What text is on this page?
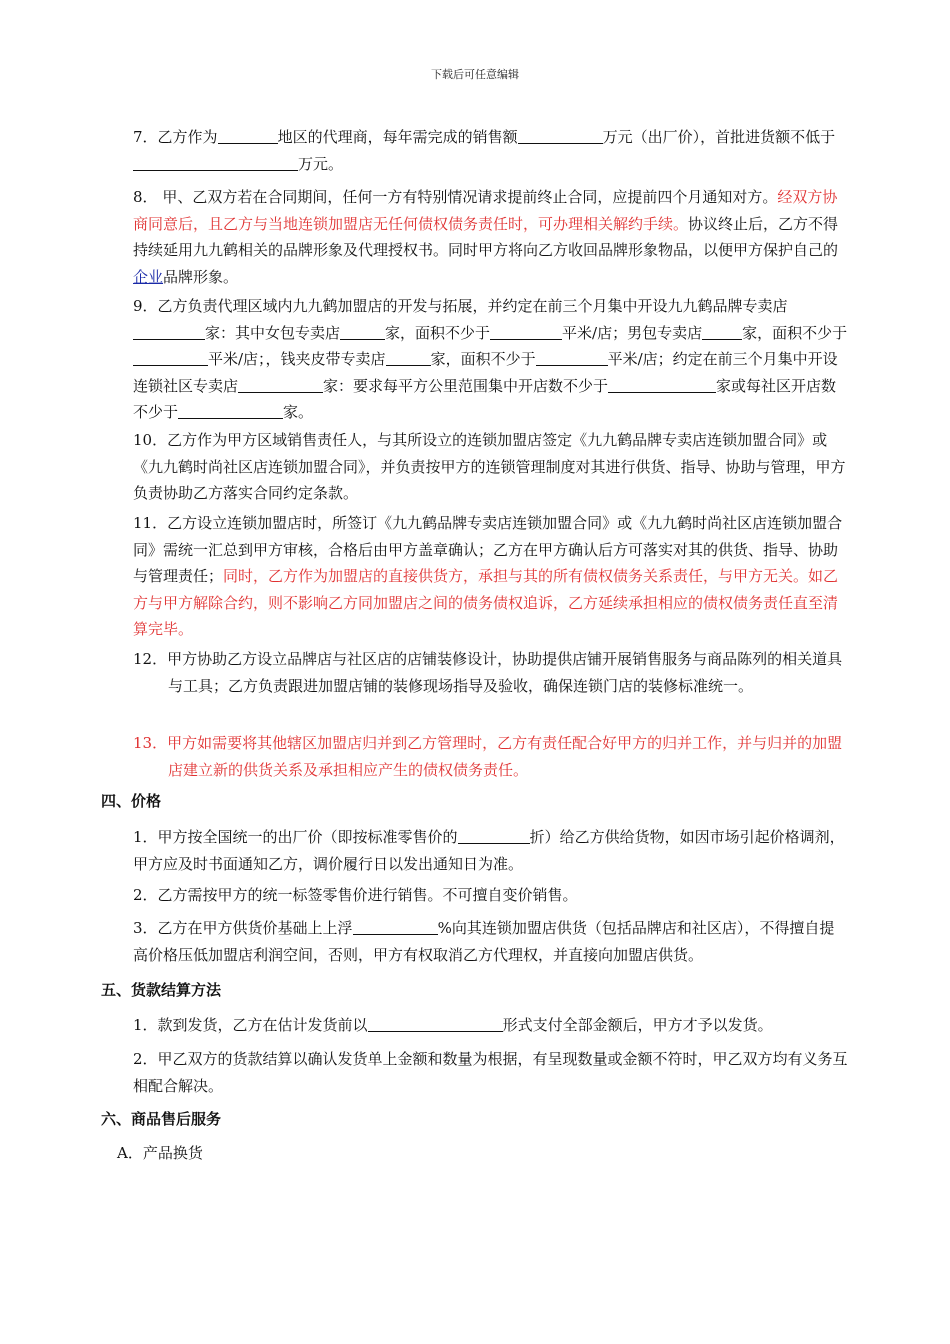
下载后可任意编辑
7．乙方作为	地区的代理商，每年需完成的销售额	万元（出厂价），首批进货额不低于万元。
8． 甲、乙双方若在合同期间，任何一方有特别情况请求提前终止合同，应提前四个月通知对方。经双方协商同意后，且乙方与当地连锁加盟店无任何债权债务责任时，可办理相关解约手续。协议终止后，乙方不得持续延用九九鹤相关的品牌形象及代理授权书。同时甲方将向乙方收回品牌形象物品，以便甲方保护自己的企业品牌形象。
9．乙方负责代理区域内九九鹤加盟店的开发与拓展，并约定在前三个月集中开设九九鹤品牌专卖店家：其中女包专卖店	家，面积不少于	平米/店；男包专卖店	家，面积不少于平米/店；，钱夹皮带专卖店	家，面积不少于	平米/店；约定在前三个月集中开设连锁社区专卖店	家：要求每平方公里范围集中开店数不少于	家或每社区开店数不少于	家。
10．乙方作为甲方区域销售责任人，与其所设立的连锁加盟店签定《九九鹤品牌专卖店连锁加盟合同》或《九九鹤时尚社区店连锁加盟合同》，并负责按甲方的连锁管理制度对其进行供货、指导、协助与管理，甲方负责协助乙方落实合同约定条款。
11．乙方设立连锁加盟店时，所签订《九九鹤品牌专卖店连锁加盟合同》或《九九鹤时尚社区店连锁加盟合同》需统一汇总到甲方审核，合格后由甲方盖章确认；乙方在甲方确认后方可落实对其的供货、指导、协助与管理责任；同时，乙方作为加盟店的直接供货方，承担与其的所有债权债务关系责任，与甲方无关。如乙方与甲方解除合约，则不影响乙方同加盟店之间的债务债权追诉，乙方延续承担相应的债权债务责任直至清算完毕。
12．甲方协助乙方设立品牌店与社区店的店铺装修设计，协助提供店铺开展销售服务与商品陈列的相关道具与工具；乙方负责跟进加盟店铺的装修现场指导及验收，确保连锁门店的装修标准统一。
13．甲方如需要将其他辖区加盟店归并到乙方管理时，乙方有责任配合好甲方的归并工作，并与归并的加盟店建立新的供货关系及承担相应产生的债权债务责任。
四、价格
1．甲方按全国统一的出厂价（即按标准零售价的	折）给乙方供给货物，如因市场引起价格调剂，甲方应及时书面通知乙方，调价履行日以发出通知日为准。
2．乙方需按甲方的统一标签零售价进行销售。不可擅自变价销售。
3．乙方在甲方供货价基础上上浮	%向其连锁加盟店供货（包括品牌店和社区店），不得擅自提高价格压低加盟店利润空间，否则，甲方有权取消乙方代理权，并直接向加盟店供货。
五、货款结算方法
1．款到发货，乙方在估计发货前以	形式支付全部金额后，甲方才予以发货。
2．甲乙双方的货款结算以确认发货单上金额和数量为根据，有呈现数量或金额不符时，甲乙双方均有义务互相配合解决。
六、商品售后服务
A．产品换货
